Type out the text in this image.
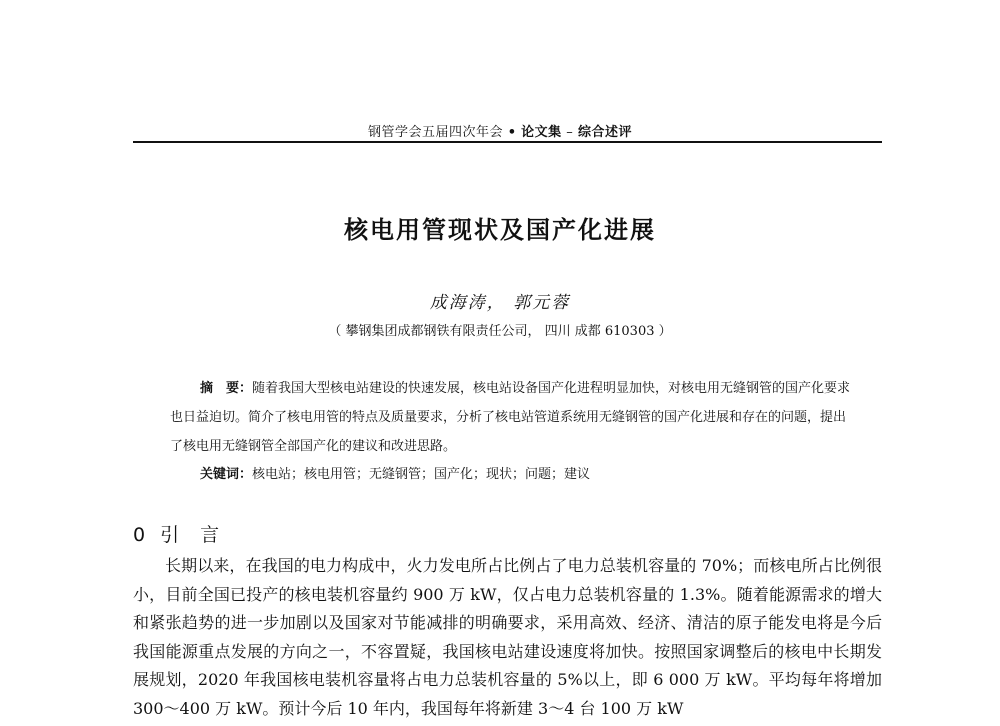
钢管学会五届四次年会 • 论文集 – 综合述评
核电用管现状及国产化进展
成海涛， 郭元蓉
（ 攀钢集团成都钢铁有限责任公司， 四川 成都 610303 ）
摘　要：随着我国大型核电站建设的快速发展，核电站设备国产化进程明显加快，对核电用无缝钢管的国产化要求也日益迫切。简介了核电用管的特点及质量要求，分析了核电站管道系统用无缝钢管的国产化进展和存在的问题，提出了核电用无缝钢管全部国产化的建议和改进思路。
关键词：核电站；核电用管；无缝钢管；国产化；现状；问题；建议
0 引　言
长期以来，在我国的电力构成中，火力发电所占比例占了电力总装机容量的 70%；而核电所占比例很小，目前全国已投产的核电装机容量约 900 万 kW，仅占电力总装机容量的 1.3%。随着能源需求的增大和紧张趋势的进一步加剧以及国家对节能减排的明确要求，采用高效、经济、清洁的原子能发电将是今后我国能源重点发展的方向之一，不容置疑，我国核电站建设速度将加快。按照国家调整后的核电中长期发展规划，2020 年我国核电装机容量将占电力总装机容量的 5%以上，即 6 000 万 kW。平均每年将增加 300～400 万 kW。预计今后 10 年内，我国每年将新建 3～4 台 100 万 kW
